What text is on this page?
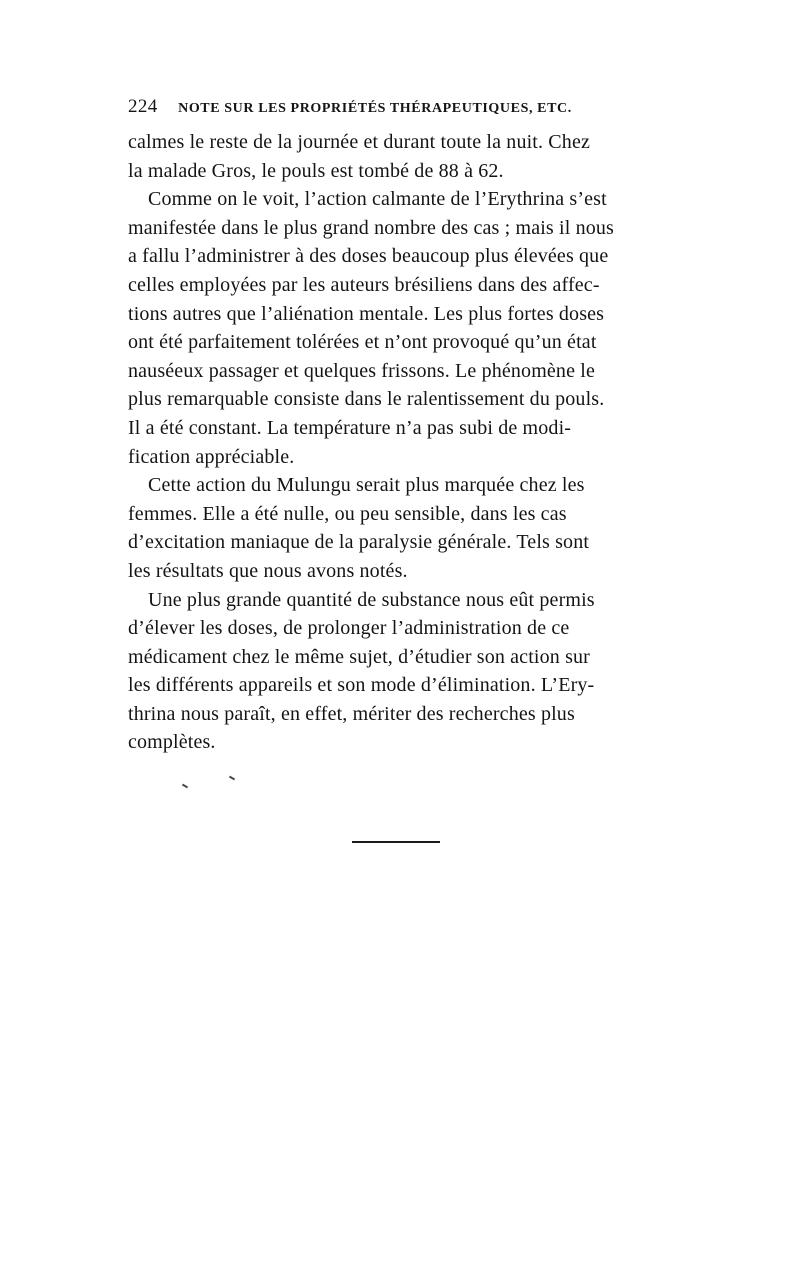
224 NOTE SUR LES PROPRIÉTÉS THÉRAPEUTIQUES, ETC.
calmes le reste de la journée et durant toute la nuit. Chez
la malade Gros, le pouls est tombé de 88 à 62.
Comme on le voit, l’action calmante de l’Erythrina s’est
manifestée dans le plus grand nombre des cas ; mais il nous
a fallu l’administrer à des doses beaucoup plus élevées que
celles employées par les auteurs brésiliens dans des affec-
tions autres que l’aliénation mentale. Les plus fortes doses
ont été parfaitement tolérées et n’ont provoqué qu’un état
nauséeux passager et quelques frissons. Le phénomène le
plus remarquable consiste dans le ralentissement du pouls.
Il a été constant. La température n’a pas subi de modi-
fication appréciable.
Cette action du Mulungu serait plus marquée chez les
femmes. Elle a été nulle, ou peu sensible, dans les cas
d’excitation maniaque de la paralysie générale. Tels sont
les résultats que nous avons notés.
Une plus grande quantité de substance nous eût permis
d’élever les doses, de prolonger l’administration de ce
médicament chez le même sujet, d’étudier son action sur
les différents appareils et son mode d’élimination. L’Ery-
thrina nous paraît, en effet, mériter des recherches plus
complètes.
